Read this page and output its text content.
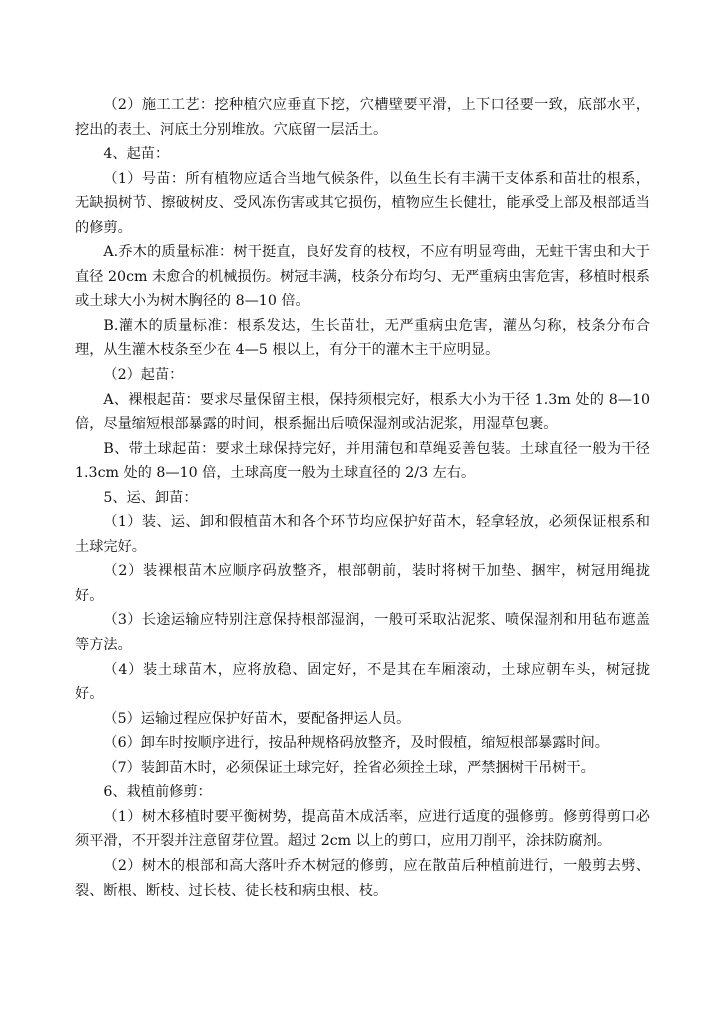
（2）施工工艺：挖种植穴应垂直下挖，穴槽壁要平滑，上下口径要一致，底部水平，挖出的表土、河底土分别堆放。穴底留一层活土。

4、起苗：

（1）号苗：所有植物应适合当地气候条件，以鱼生长有丰满干支体系和苗壮的根系，无缺损树节、擦破树皮、受风冻伤害或其它损伤，植物应生长健壮，能承受上部及根部适当的修剪。

A.乔木的质量标准：树干挺直，良好发育的枝杈，不应有明显弯曲，无蛀干害虫和大于直径 20cm 未愈合的机械损伤。树冠丰满，枝条分布均匀、无严重病虫害危害，移植时根系或土球大小为树木胸径的 8—10 倍。

B.灌木的质量标准：根系发达，生长苗壮，无严重病虫危害，灌丛匀称，枝条分布合理，从生灌木枝条至少在 4—5 根以上，有分干的灌木主干应明显。

（2）起苗：

A、裸根起苗：要求尽量保留主根，保持须根完好，根系大小为干径 1.3m 处的 8—10 倍，尽量缩短根部暴露的时间，根系掘出后喷保湿剂或沾泥浆，用湿草包裹。

B、带土球起苗：要求土球保持完好，并用蒲包和草绳妥善包装。土球直径一般为干径 1.3cm 处的 8—10 倍，土球高度一般为土球直径的 2/3 左右。

5、运、卸苗：

（1）装、运、卸和假植苗木和各个环节均应保护好苗木，轻拿轻放，必须保证根系和土球完好。

（2）装裸根苗木应顺序码放整齐，根部朝前，装时将树干加垫、捆牢，树冠用绳拢好。

（3）长途运输应特别注意保持根部湿润，一般可采取沾泥浆、喷保湿剂和用毡布遮盖等方法。

（4）装土球苗木，应将放稳、固定好，不是其在车厢滚动，土球应朝车头，树冠拢好。

（5）运输过程应保护好苗木，要配备押运人员。

（6）卸车时按顺序进行，按品种规格码放整齐，及时假植，缩短根部暴露时间。

（7）装卸苗木时，必须保证土球完好，拴省必须拴土球，严禁捆树干吊树干。

6、栽植前修剪：

（1）树木移植时要平衡树势，提高苗木成活率，应进行适度的强修剪。修剪得剪口必须平滑，不开裂并注意留芽位置。超过 2cm 以上的剪口，应用刀削平，涂抹防腐剂。

（2）树木的根部和高大落叶乔木树冠的修剪，应在散苗后种植前进行，一般剪去劈、裂、断根、断枝、过长枝、徒长枝和病虫根、枝。
